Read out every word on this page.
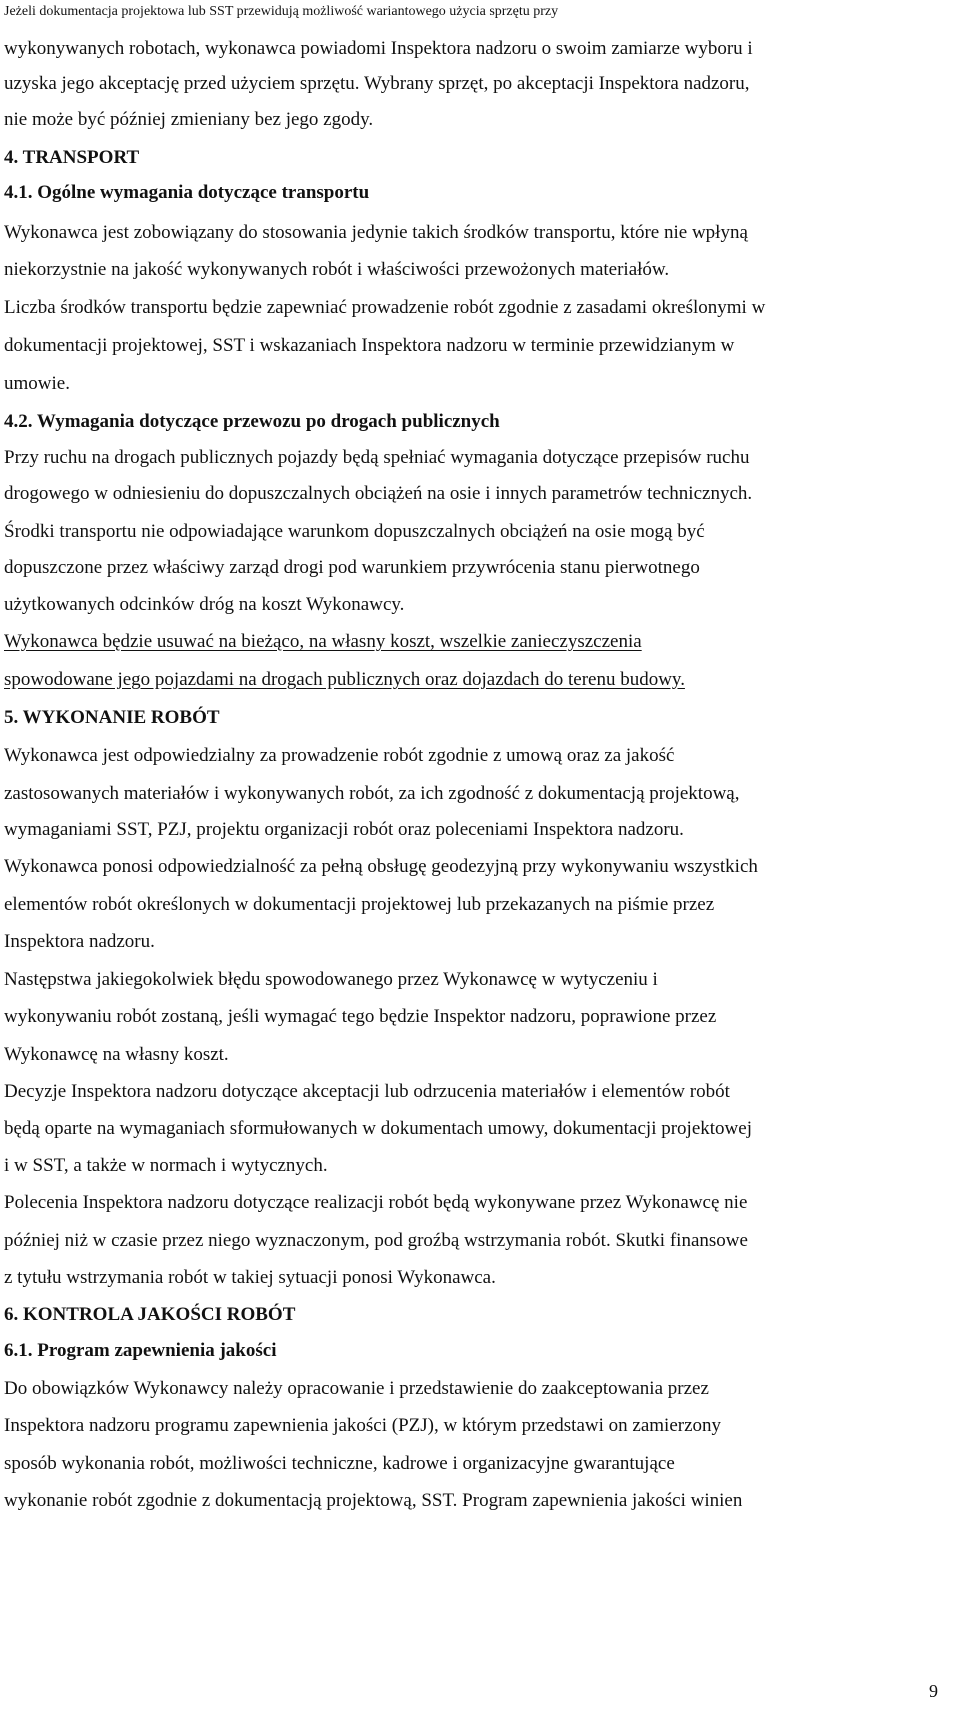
Jeżeli dokumentacja projektowa lub SST przewidują możliwość wariantowego użycia sprzętu przy

wykonywanych robotach, wykonawca powiadomi Inspektora nadzoru o swoim zamiarze wyboru i

uzyska jego akceptację przed użyciem sprzętu. Wybrany sprzęt, po akceptacji Inspektora nadzoru,

nie może być później zmieniany bez jego zgody.

4. TRANSPORT

4.1. Ogólne wymagania dotyczące transportu

Wykonawca jest zobowiązany do stosowania jedynie takich środków transportu, które nie wpłyną

niekorzystnie na jakość wykonywanych robót i właściwości przewożonych materiałów.

Liczba środków transportu będzie zapewniać prowadzenie robót zgodnie z zasadami określonymi w

dokumentacji projektowej, SST i wskazaniach Inspektora nadzoru w terminie przewidzianym w

umowie.

4.2. Wymagania dotyczące przewozu po drogach publicznych

Przy ruchu na drogach publicznych pojazdy będą spełniać wymagania dotyczące przepisów ruchu

drogowego w odniesieniu do dopuszczalnych obciążeń na osie i innych parametrów technicznych.

Środki transportu nie odpowiadające warunkom dopuszczalnych obciążeń na osie mogą być

dopuszczone przez właściwy zarząd drogi pod warunkiem przywrócenia stanu pierwotnego

użytkowanych odcinków dróg na koszt Wykonawcy.

Wykonawca będzie usuwać na bieżąco, na własny koszt, wszelkie zanieczyszczenia

spowodowane jego pojazdami na drogach publicznych oraz dojazdach do terenu budowy.

5. WYKONANIE ROBÓT

Wykonawca jest odpowiedzialny za prowadzenie robót zgodnie z umową oraz za jakość

zastosowanych materiałów i wykonywanych robót, za ich zgodność z dokumentacją projektową,

wymaganiami SST, PZJ, projektu organizacji robót oraz poleceniami Inspektora nadzoru.

Wykonawca ponosi odpowiedzialność za pełną obsługę geodezyjną przy wykonywaniu wszystkich

elementów robót określonych w dokumentacji projektowej lub przekazanych na piśmie przez

Inspektora nadzoru.

Następstwa jakiegokolwiek błędu spowodowanego przez Wykonawcę w wytyczeniu i

wykonywaniu robót zostaną, jeśli wymagać tego będzie Inspektor nadzoru, poprawione przez

Wykonawcę na własny koszt.

Decyzje Inspektora nadzoru dotyczące akceptacji lub odrzucenia materiałów i elementów robót

będą oparte na wymaganiach sformułowanych w dokumentach umowy, dokumentacji projektowej

i w SST, a także w normach i wytycznych.

Polecenia Inspektora nadzoru dotyczące realizacji robót będą wykonywane przez Wykonawcę nie

później niż w czasie przez niego wyznaczonym, pod groźbą wstrzymania robót. Skutki finansowe

z tytułu wstrzymania robót w takiej sytuacji ponosi Wykonawca.

6. KONTROLA JAKOŚCI ROBÓT

6.1. Program zapewnienia jakości

Do obowiązków Wykonawcy należy opracowanie i przedstawienie do zaakceptowania przez

Inspektora nadzoru programu zapewnienia jakości (PZJ), w którym przedstawi on zamierzony

sposób wykonania robót, możliwości techniczne, kadrowe i organizacyjne gwarantujące

wykonanie robót zgodnie z dokumentacją projektową, SST. Program zapewnienia jakości winien

9
